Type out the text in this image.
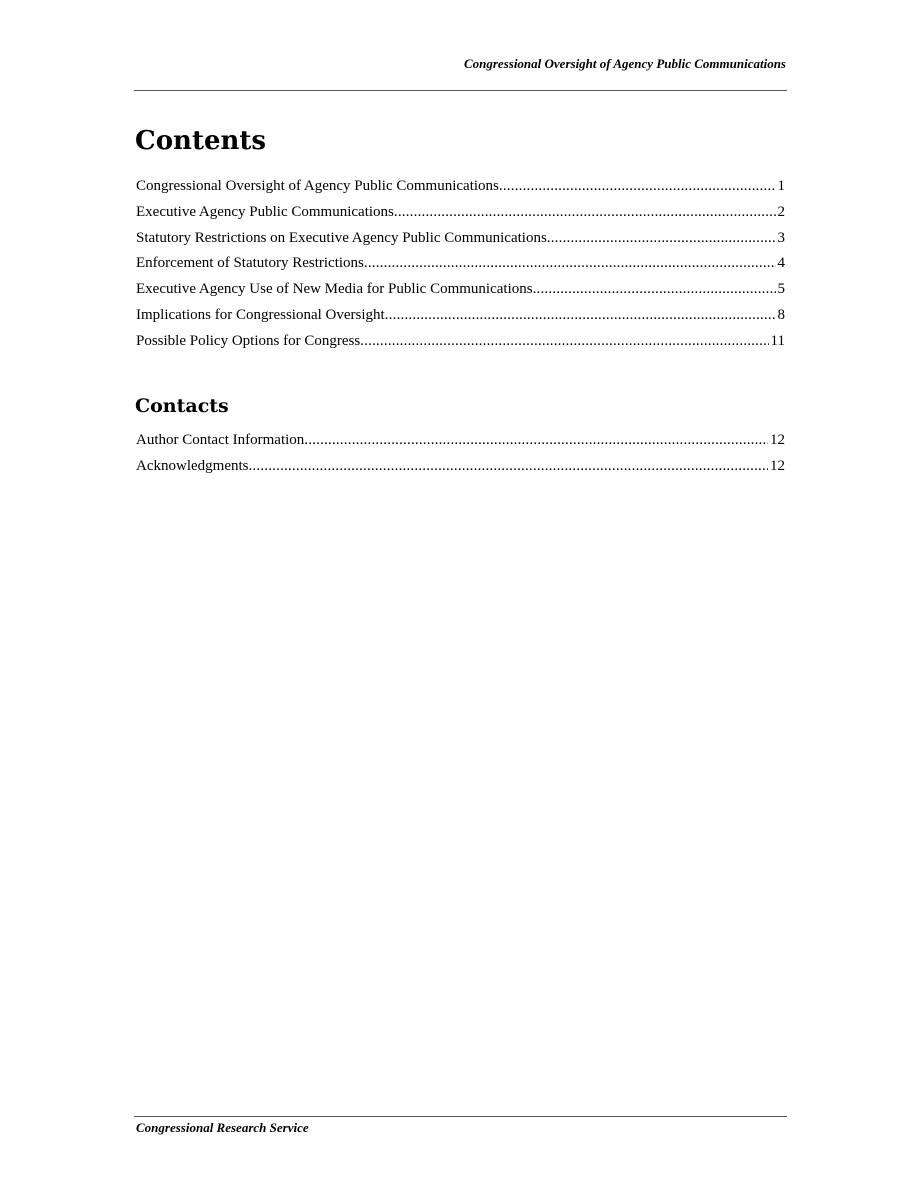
Congressional Oversight of Agency Public Communications
Contents
Congressional Oversight of Agency Public Communications .....	1
Executive Agency Public Communications .....	2
Statutory Restrictions on Executive Agency Public Communications .....	3
Enforcement of Statutory Restrictions .....	4
Executive Agency Use of New Media for Public Communications .....	5
Implications for Congressional Oversight .....	8
Possible Policy Options for Congress .....	11
Contacts
Author Contact Information .....	12
Acknowledgments .....	12
Congressional Research Service
